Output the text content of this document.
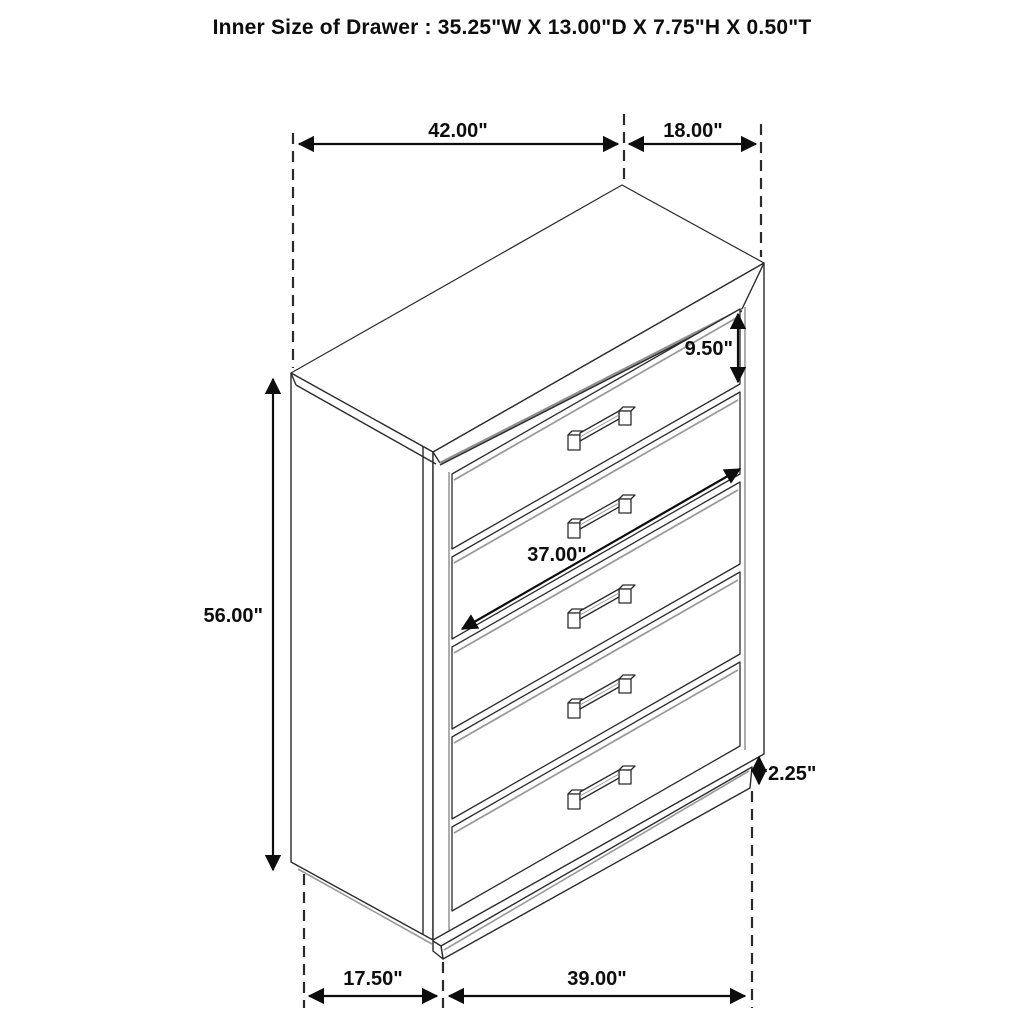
Inner Size of Drawer : 35.25"W X 13.00"D X 7.75"H X 0.50"T
42.00"	18.00"
9.50"
37.00"
56.00"
2.25"
17.50"	39.00"
